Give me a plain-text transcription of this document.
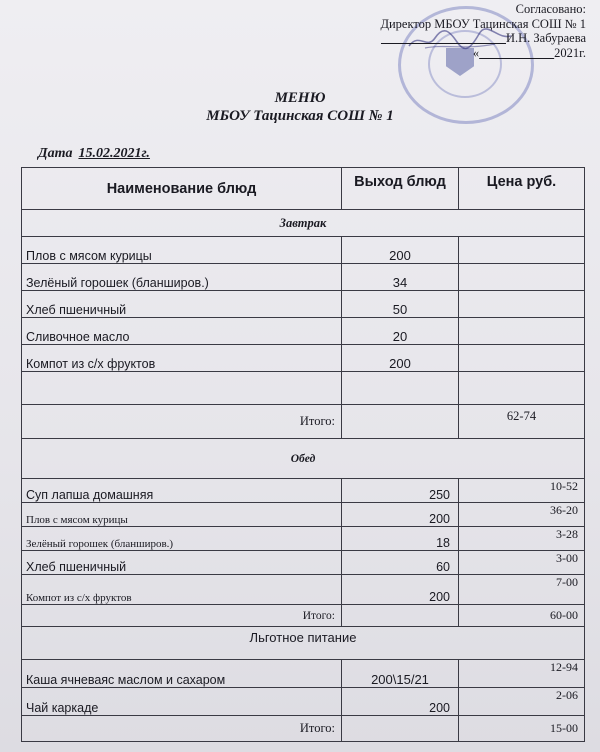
Согласовано:
Директор МБОУ Тацинская СОШ № 1
И.Н. Забураева
«	2021г.
МЕНЮ
МБОУ Тацинская СОШ № 1
Дата 15.02.2021г.
Наименование блюд	Выход блюд	Цена руб.
Завтрак		
Плов с мясом курицы	200	
Зелёный горошек (бланширов.)	34	
Хлеб пшеничный	50	
Сливочное масло	20	
Компот из с/х фруктов	200	

Итого:		62-74
Обед		
Суп лапша домашняя	250	10-52
Плов с мясом курицы	200	36-20
Зелёный горошек (бланширов.)	18	3-28
Хлеб пшеничный	60	3-00
Компот из с/х фруктов	200	7-00
Итого:		60-00
Льготное питание		
Каша ячневаяс маслом и сахаром	200\15/21	12-94
Чай каркаде	200	2-06
Итого:		15-00
